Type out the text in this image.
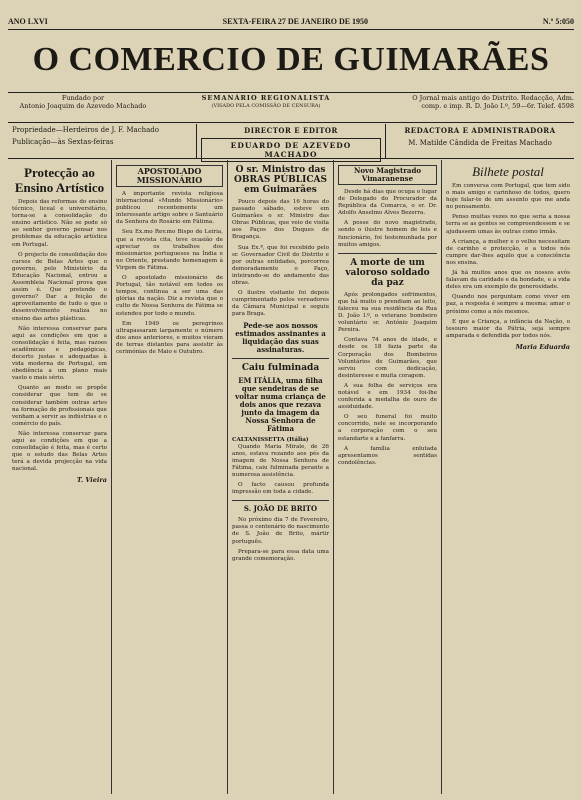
ANO LXVI	SEXTA-FEIRA 27 DE JANEIRO DE 1950	N.º 5:050
O COMERCIO DE GUIMARÃES
Fundado por
Antonio Joaquim de Azevedo Machado
SEMANÁRIO REGIONALISTA
(VISADO PELA COMISSÃO DE CENSURA)
O Jornal mais antigo do Distrito. Redacção, Adm.
comp. e imp. R. D. João I.º, 59—6r. Telef. 4598
Propriedade—Herdeiros de J. F. Machado
Publicação—às Sextas-feiras
DIRECTOR E EDITOR
EDUARDO DE AZEVEDO MACHADO
REDACTORA E ADMINISTRADORA
M. Matilde Cândida de Freitas Machado
Protecção ao Ensino Artístico

Depois das reformas do ensino técnico, liceal e universitário, torna-se a consolidação do ensino artístico. Não se pode sò ao senhor governo pensar nos problemas da educação artística em Portugal.

O projecto de consolidação dos cursos de Belas Artes que o governo, pelo Ministério da Educação Nacional, entrou a Assembleia Nacional prova que assim é. Que pretende o governo? Dar a feição de aproveitamento de tudo o que o desenvolvimento realiza no ensino das artes plásticas.

Não interessa conservar para aqui as condições em que a consolidação é feita, mas razoes acadêmicas e pedagógicas, decerto justas e adequadas à vida moderna de Portugal, em obediência a um plano mais vasto e mais sério.

Quanto ao modo se propõe considerar que tem de se considerar também outras artes na formação de profissionais que venham a servir as indústrias e o comércio do país.

Não interessa conservar para aqui as condições em que a consolidação é feita, mas é certo que o estudo das Belas Artes terá a devida projecção na vida nacional.

T. Vieira
APOSTOLADO MISSIONÁRIO

A importante revista religiosa internacional «Mundo Missionário» publicou recentemente um interessante artigo sobre o Santuário da Senhora do Rosário em Fátima.

Seu Ex.mo Rev.mo Bispo de Leiria, que a revista cita, teve ocasião de apreciar os trabalhos dos missionários portugueses na Índia e no Oriente, prestando homenagem à Virgem de Fátima.

O apostolado missionário de Portugal, tão notável em todos os tempos, continua a ser uma das glórias da nação. Diz a revista que o culto de Nossa Senhora de Fátima se estendeu por todo o mundo.

Em 1949 os peregrinos ultrapassaram largamente o número dos anos anteriores, e muitos vieram de terras distantes para assistir às cerimónias de Maio e Outubro.

O sr. Ministro das OBRAS PÚBLICAS em Guimarães

Pouco depois das 16 horas do passado sábado, esteve em Guimarães o sr. Ministro das Obras Públicas, que veio de visita aos Paços dos Duques de Bragança.

Sua Ex.ª, que foi recebido pelo sr. Governador Civil do Distrito e por outras entidades, percorreu demoradamente o Paço, inteirando-se do andamento das obras.

O ilustre visitante foi depois cumprimentado pelos vereadores da Câmara Municipal e seguiu para Braga.

Pede-se aos nossos estimados assinantes a liquidação das suas assinaturas.
Caiu fulminada
EM ITÁLIA, uma filha que sendeiras de se voltar numa criança de dois anos que rezava junto da imagem da Nossa Senhora de Fátima
CALTANISSETTA (Itália)

Quando Maria Mirale, de 26 anos, estava rezando aos pés da imagem de Nossa Senhora de Fátima, caiu fulminada perante a numerosa assistência.

O facto causou profunda impressão em toda a cidade.

S. JOÃO DE BRITO

No próximo dia 7 de Fevereiro, passa o centenário do nascimento de S. João de Brito, mártir português.

Prepara-se para essa data uma grande comemoração.

Novo Magistrado Vimaranense

Desde há dias que ocupa o lugar de Delegado do Procurador da República da Comarca, o sr. Dr. Adolfo Anselmo Alves Bezerra.

A posse do novo magistrado, sendo o ilustre homem de leis e funcionário, foi testemunhada por muitos amigos.

A morte de um valoroso soldado da paz

Após prolongados sofrimentos, que há muito o prendiam ao leito, faleceu na sua residência da Rua D. João I.º, o veterano bombeiro voluntário sr. António Joaquim Pereira.

Contava 74 anos de idade, e desde os 18 fazia parte da Corporação dos Bombeiros Voluntários de Guimarães, que serviu com dedicação, desinteresse e muita coragem.

A sua folha de serviços era notável e em 1934 foi-lhe conferida a medalha de ouro de assiduidade.

O seu funeral foi muito concorrido, nele se incorporando a corporação com o seu estandarte e a fanfarra.

A família enlutada apresentamos sentidas condolências.

Bilhete postal

Em conversa com Portugal, que tem sido o mais amigo e carinhoso de todos, quero hoje falar-te de um assunto que me anda no pensamento.

Penso muitas vezes no que seria a nossa terra se as gentes se compreendessem e se ajudassem umas às outras como irmãs.

A criança, a mulher e o velho necessitam de carinho e protecção, e a todos nós cumpre dar-lhes aquilo que a consciência nos ensina.

Já há muitos anos que os nossos avós falavam da caridade e da bondade, e a vida deles era um exemplo de generosidade.

Quando nos perguntam como viver em paz, a resposta é sempre a mesma: amar o próximo como a nós mesmos.

E que a Criança, a infância da Nação, o tesouro maior da Pátria, seja sempre amparada e defendida por todos nós.

Maria Eduarda
